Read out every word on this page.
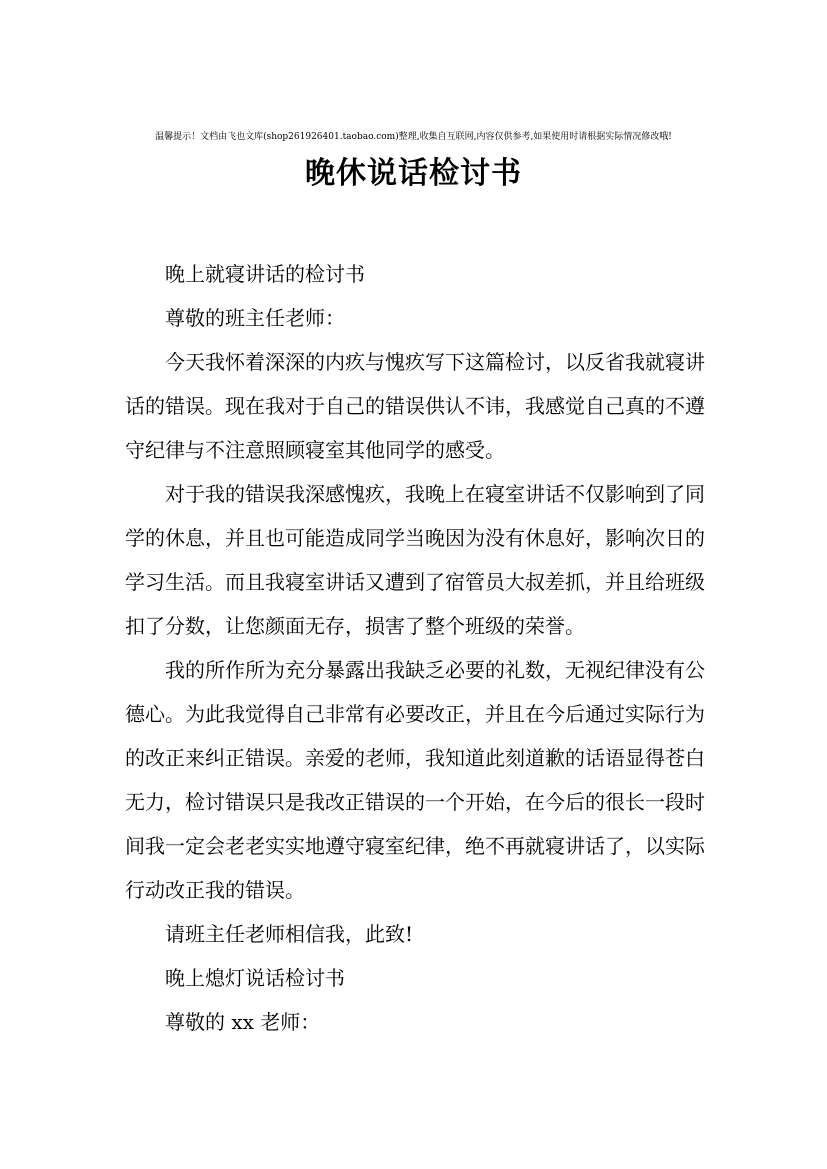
温馨提示！文档由飞也文库(shop261926401.taobao.com)整理,收集自互联网,内容仅供参考,如果使用时请根据实际情况修改哦!
晚休说话检讨书

晚上就寝讲话的检讨书

尊敬的班主任老师：

今天我怀着深深的内疚与愧疚写下这篇检讨，以反省我就寝讲话的错误。现在我对于自己的错误供认不讳，我感觉自己真的不遵守纪律与不注意照顾寝室其他同学的感受。

对于我的错误我深感愧疚，我晚上在寝室讲话不仅影响到了同学的休息，并且也可能造成同学当晚因为没有休息好，影响次日的学习生活。而且我寝室讲话又遭到了宿管员大叔差抓，并且给班级扣了分数，让您颜面无存，损害了整个班级的荣誉。

我的所作所为充分暴露出我缺乏必要的礼数，无视纪律没有公德心。为此我觉得自己非常有必要改正，并且在今后通过实际行为的改正来纠正错误。亲爱的老师，我知道此刻道歉的话语显得苍白无力，检讨错误只是我改正错误的一个开始，在今后的很长一段时间我一定会老老实实地遵守寝室纪律，绝不再就寝讲话了，以实际行动改正我的错误。

请班主任老师相信我，此致!

晚上熄灯说话检讨书

尊敬的 xx 老师：
